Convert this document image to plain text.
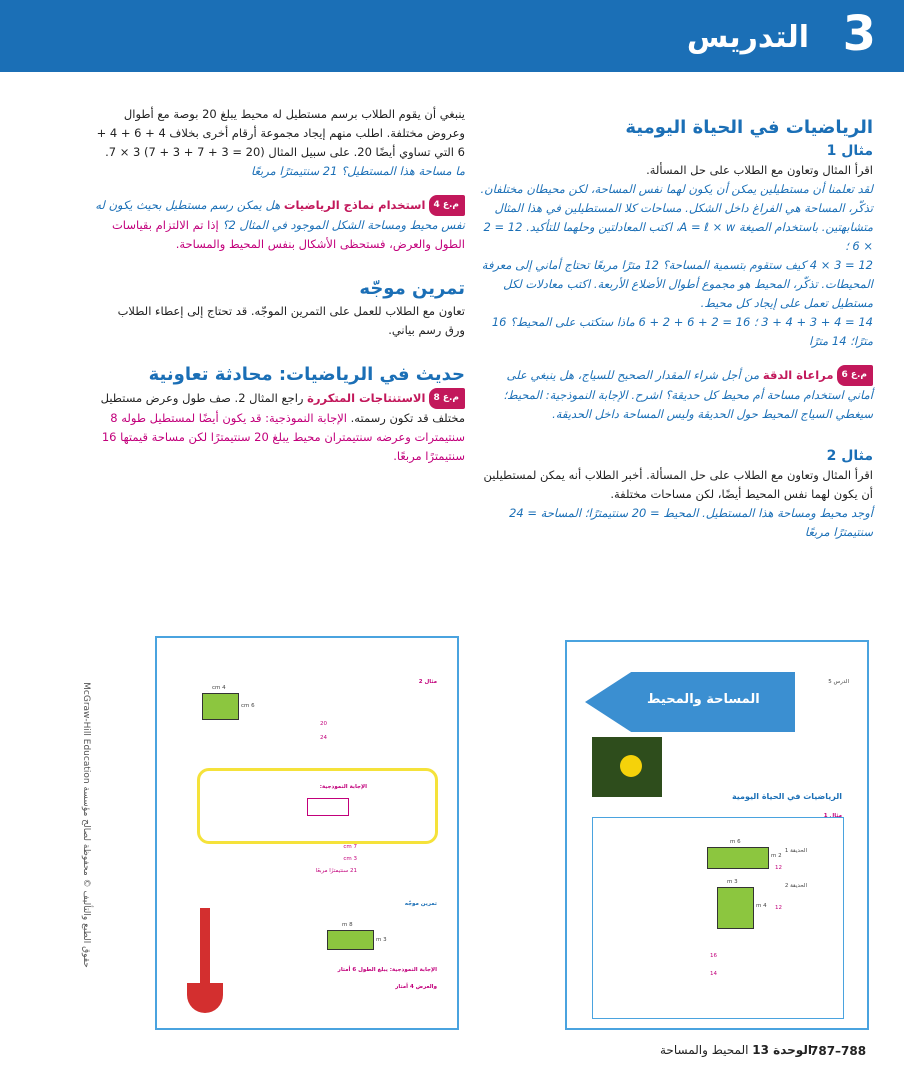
التدريس 3
الرياضيات في الحياة اليومية
مثال 1

اقرأ المثال وتعاون مع الطلاب على حل المسألة.

لقد تعلمنا أن مستطيلين يمكن أن يكون لهما نفس المساحة، لكن محيطان مختلفان. تذكّر، المساحة هي الفراغ داخل الشكل. مساحات كلا المستطيلين في هذا المثال متشابهتين. باستخدام الصيغة A = ℓ × w، اكتب المعادلتين وحلهما للتأكيد. 12 = 2 × 6 ؛

12 = 3 × 4 كيف ستقوم بتسمية المساحة؟ 12 مترًا مربعًا تحتاج أماني إلى معرفة المحيطات. تذكّر، المحيط هو مجموع أطوال الأضلاع الأربعة. اكتب معادلات لكل مستطيل تعمل على إيجاد كل محيط.

14 = 4 + 3 + 4 + 3 ؛ 16 = 2 + 6 + 2 + 6 ماذا ستكتب على المحيط؟ 16 مترًا؛ 14 مترًا

م.ع 6مراعاة الدقة من أجل شراء المقدار الصحيح للسياج، هل ينبغي على أماني استخدام مساحة أم محيط كل حديقة؟ اشرح. الإجابة النموذجية: المحيط؛ سيغطي السياج المحيط حول الحديقة وليس المساحة داخل الحديقة.

مثال 2

اقرأ المثال وتعاون مع الطلاب على حل المسألة. أخبر الطلاب أنه يمكن لمستطيلين أن يكون لهما نفس المحيط أيضًا، لكن مساحات مختلفة.

أوجد محيط ومساحة هذا المستطيل. المحيط = 20 سنتيمترًا؛ المساحة = 24 سنتيمترًا مربعًا

ينبغي أن يقوم الطلاب برسم مستطيل له محيط يبلغ 20 بوصة مع أطوال وعروض مختلفة. اطلب منهم إيجاد مجموعة أرقام أخرى بخلاف 4 + 6 + 4 + 6 التي تساوي أيضًا 20. على سبيل المثال (20 = 3 + 7 + 3 + 7) 3 × 7.

ما مساحة هذا المستطيل؟ 21 سنتيمترًا مربعًا

م.ع 4استخدام نماذج الرياضيات هل يمكن رسم مستطيل بحيث يكون له نفس محيط ومساحة الشكل الموجود في المثال 2؟ إذا تم الالتزام بقياسات الطول والعرض، فستحظى الأشكال بنفس المحيط والمساحة.

تمرين موجّه

تعاون مع الطلاب للعمل على التمرين الموجّه. قد تحتاج إلى إعطاء الطلاب ورق رسم بياني.

حديث في الرياضيات: محادثة تعاونية

م.ع 8الاستنتاجات المتكررة راجع المثال 2. صف طول وعرض مستطيل مختلف قد تكون رسمته. الإجابة النموذجية: قد يكون أيضًا لمستطيل طوله 8 سنتيمترات وعرضه سنتيمتران محيط يبلغ 20 سنتيمترًا لكن مساحة قيمتها 16 سنتيمترًا مربعًا.

المساحة والمحيط
الدرس 5
الرياضيات في الحياة اليومية
مثال 1
الحديقة 1
6 m
2 m
12
الحديقة 2
3 m
4 m 12
16
14
مثال 2
4 cm
6 cm
20
24
الإجابة النموذجية:
7 cm
3 cm
21 سنتيمترًا مربعًا
تمرين موجّه
8 m
3 m
الإجابة النموذجية: يبلغ الطول 6 أمتار
والعرض 4 أمتار
حقوق الطبع والتأليف © محفوظة لصالح مؤسسة McGraw-Hill Education
787–788
الوحدة 13 المحيط والمساحة
